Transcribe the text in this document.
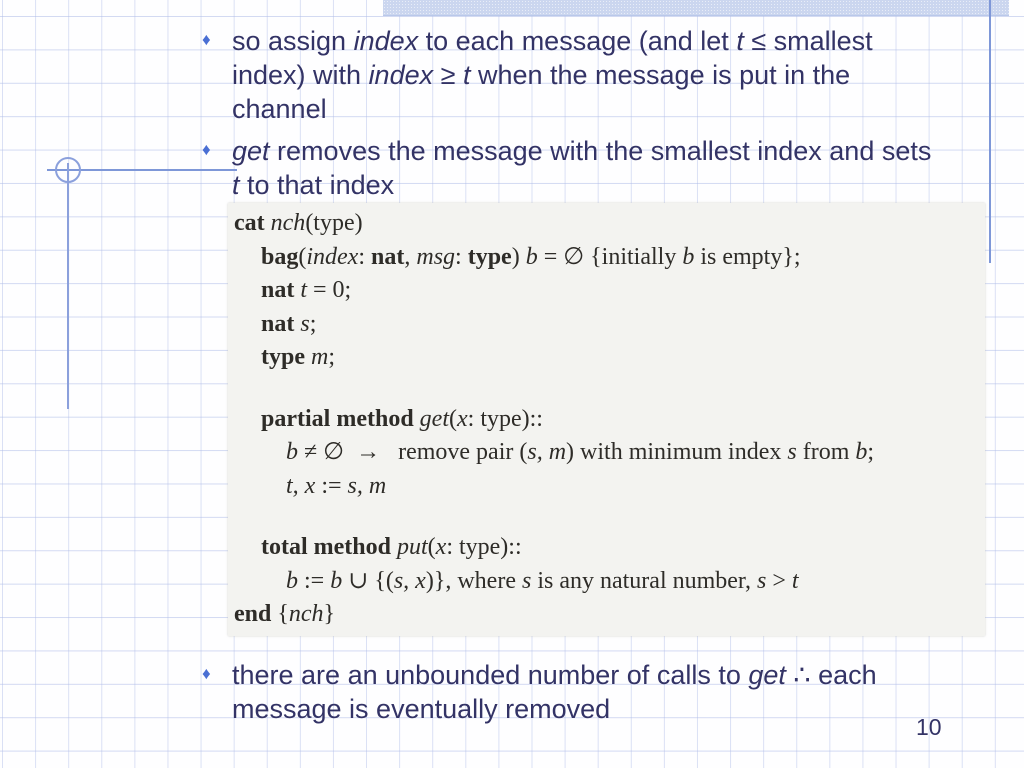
♦ so assign index to each message (and let t ≤ smallest index) with index ≥ t when the message is put in the channel
♦ get removes the message with the smallest index and sets t to that index
cat nch(type)
bag(index: nat, msg: type) b = ∅ {initially b is empty};
nat t = 0;
nat s;
type m;
partial method get(x: type)::
b ≠ ∅  →   remove pair (s, m) with minimum index s from b;
t, x := s, m
total method put(x: type)::
b := b ∪ {(s, x)}, where s is any natural number, s > t
end {nch}
♦ there are an unbounded number of calls to get ∴ each message is eventually removed
10
